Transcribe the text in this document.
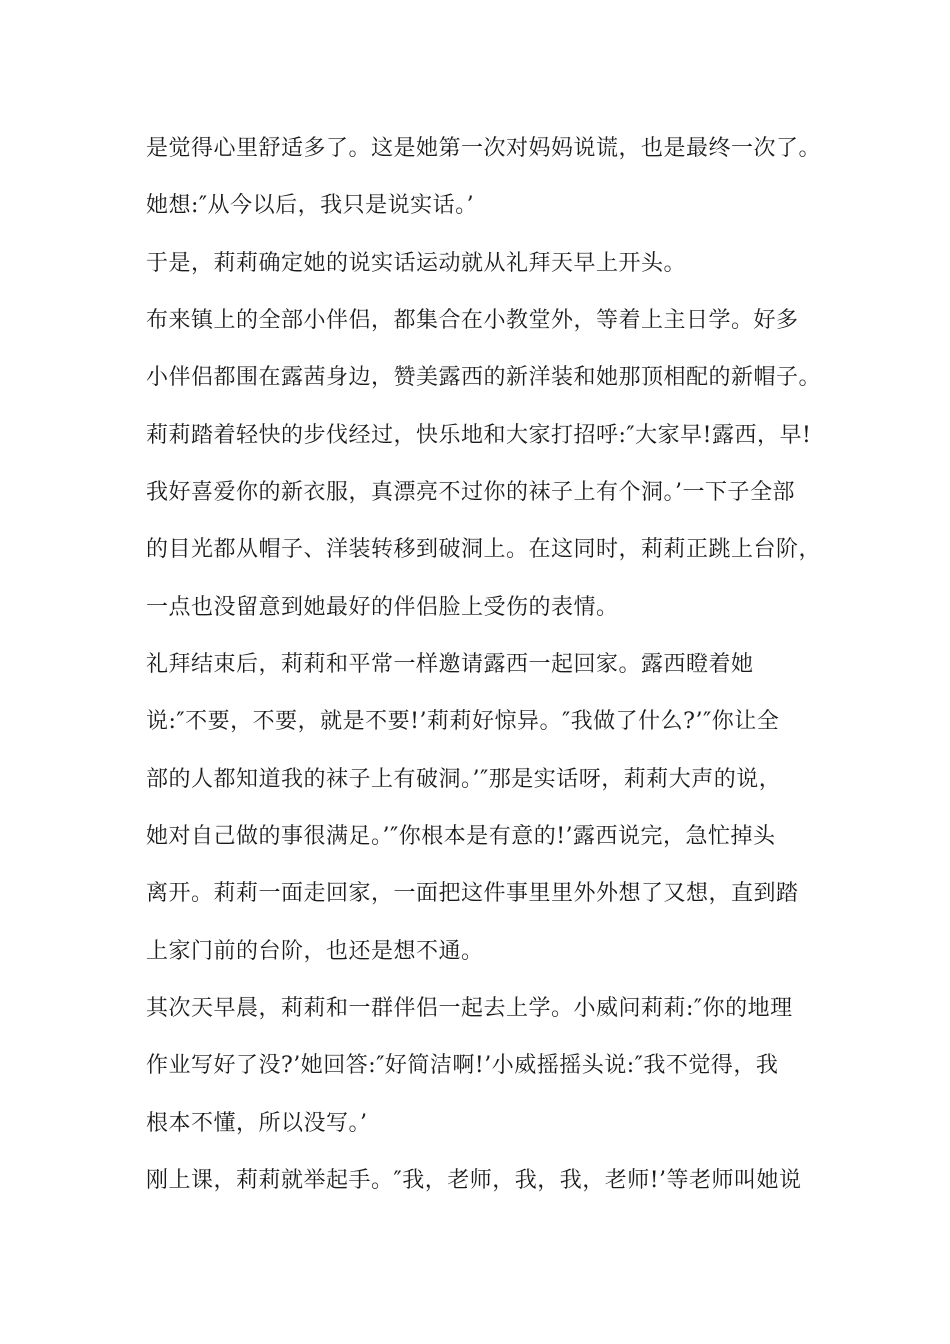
是觉得心里舒适多了。这是她第一次对妈妈说谎，也是最终一次了。
她想:″从今以后，我只是说实话。’
于是，莉莉确定她的说实话运动就从礼拜天早上开头。
布来镇上的全部小伴侣，都集合在小教堂外，等着上主日学。好多
小伴侣都围在露茜身边，赞美露西的新洋装和她那顶相配的新帽子。
莉莉踏着轻快的步伐经过，快乐地和大家打招呼:″大家早!露西，早!
我好喜爱你的新衣服，真漂亮不过你的袜子上有个洞。’一下子全部
的目光都从帽子、洋装转移到破洞上。在这同时，莉莉正跳上台阶，
一点也没留意到她最好的伴侣脸上受伤的表情。
礼拜结束后，莉莉和平常一样邀请露西一起回家。露西瞪着她
说:″不要，不要，就是不要!’莉莉好惊异。″我做了什么?’″你让全
部的人都知道我的袜子上有破洞。’″那是实话呀，莉莉大声的说，
她对自己做的事很满足。’″你根本是有意的!’露西说完，急忙掉头
离开。莉莉一面走回家，一面把这件事里里外外想了又想，直到踏
上家门前的台阶，也还是想不通。
其次天早晨，莉莉和一群伴侣一起去上学。小威问莉莉:″你的地理
作业写好了没?’她回答:″好简洁啊!’小威摇摇头说:″我不觉得，我
根本不懂，所以没写。’
刚上课，莉莉就举起手。″我，老师，我，我，老师!’等老师叫她说
